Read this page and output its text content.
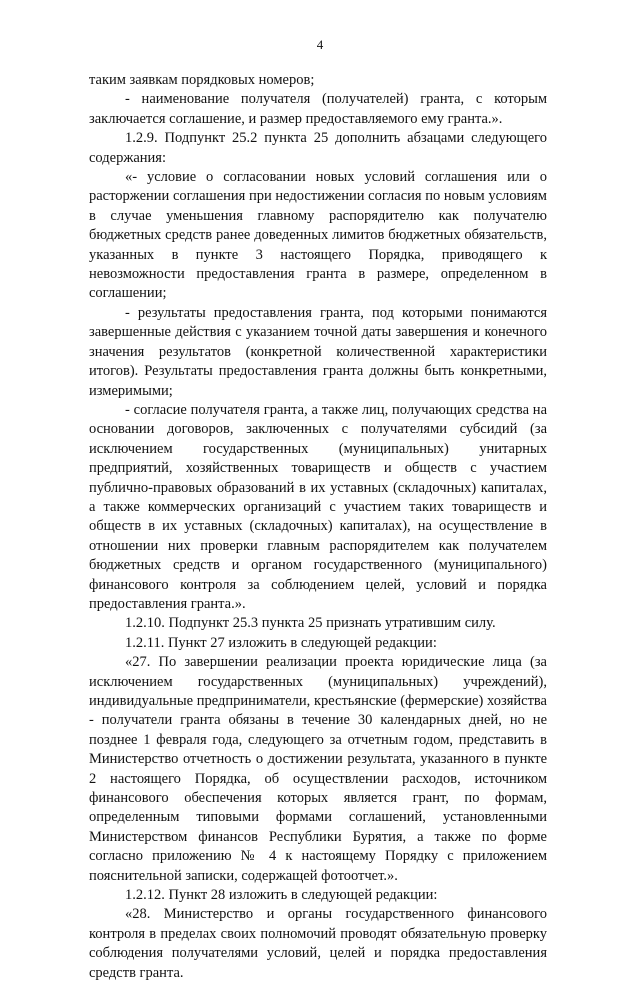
4

таким заявкам порядковых номеров;

- наименование получателя (получателей) гранта, с которым заключается соглашение, и размер предоставляемого ему гранта.».

1.2.9. Подпункт 25.2 пункта 25 дополнить абзацами следующего содержания:

«- условие о согласовании новых условий соглашения или о расторжении соглашения при недостижении согласия по новым условиям в случае уменьшения главному распорядителю как получателю бюджетных средств ранее доведенных лимитов бюджетных обязательств, указанных в пункте 3 настоящего Порядка, приводящего к невозможности предоставления гранта в размере, определенном в соглашении;

- результаты предоставления гранта, под которыми понимаются завершенные действия с указанием точной даты завершения и конечного значения результатов (конкретной количественной характеристики итогов). Результаты предоставления гранта должны быть конкретными, измеримыми;

- согласие получателя гранта, а также лиц, получающих средства на основании договоров, заключенных с получателями субсидий (за исключением государственных (муниципальных) унитарных предприятий, хозяйственных товариществ и обществ с участием публично-правовых образований в их уставных (складочных) капиталах, а также коммерческих организаций с участием таких товариществ и обществ в их уставных (складочных) капиталах), на осуществление в отношении них проверки главным распорядителем как получателем бюджетных средств и органом государственного (муниципального) финансового контроля за соблюдением целей, условий и порядка предоставления гранта.».

1.2.10. Подпункт 25.3 пункта 25 признать утратившим силу.

1.2.11. Пункт 27 изложить в следующей редакции:

«27. По завершении реализации проекта юридические лица (за исключением государственных (муниципальных) учреждений), индивидуальные предприниматели, крестьянские (фермерские) хозяйства - получатели гранта обязаны в течение 30 календарных дней, но не позднее 1 февраля года, следующего за отчетным годом, представить в Министерство отчетность о достижении результата, указанного в пункте 2 настоящего Порядка, об осуществлении расходов, источником финансового обеспечения которых является грант, по формам, определенным типовыми формами соглашений, установленными Министерством финансов Республики Бурятия, а также по форме согласно приложению № 4 к настоящему Порядку с приложением пояснительной записки, содержащей фотоотчет.».

1.2.12. Пункт 28 изложить в следующей редакции:

«28. Министерство и органы государственного финансового контроля в пределах своих полномочий проводят обязательную проверку соблюдения получателями условий, целей и порядка предоставления средств гранта.
